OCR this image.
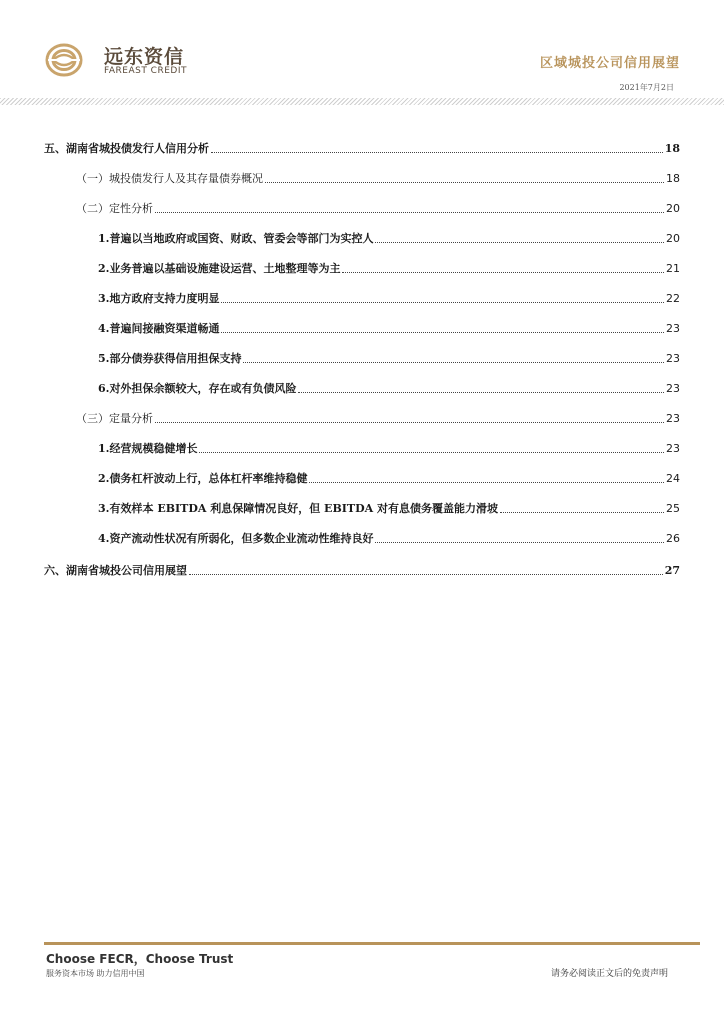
远东资信
FAREAST CREDIT	区域城投公司信用展望
2021年7月2日
五、湖南省城投债发行人信用分析	18
（一）城投债发行人及其存量债券概况	18
（二）定性分析	20
1.普遍以当地政府或国资、财政、管委会等部门为实控人	20
2.业务普遍以基础设施建设运营、土地整理等为主	21
3.地方政府支持力度明显	22
4.普遍间接融资渠道畅通	23
5.部分债券获得信用担保支持	23
6.对外担保余额较大，存在或有负债风险	23
（三）定量分析	23
1.经营规模稳健增长	23
2.债务杠杆波动上行，总体杠杆率维持稳健	24
3.有效样本 EBITDA 利息保障情况良好，但 EBITDA 对有息债务覆盖能力滑坡	25
4.资产流动性状况有所弱化，但多数企业流动性维持良好	26
六、湖南省城投公司信用展望	27
Choose FECR，Choose Trust
服务资本市场 助力信用中国	请务必阅读正文后的免责声明
